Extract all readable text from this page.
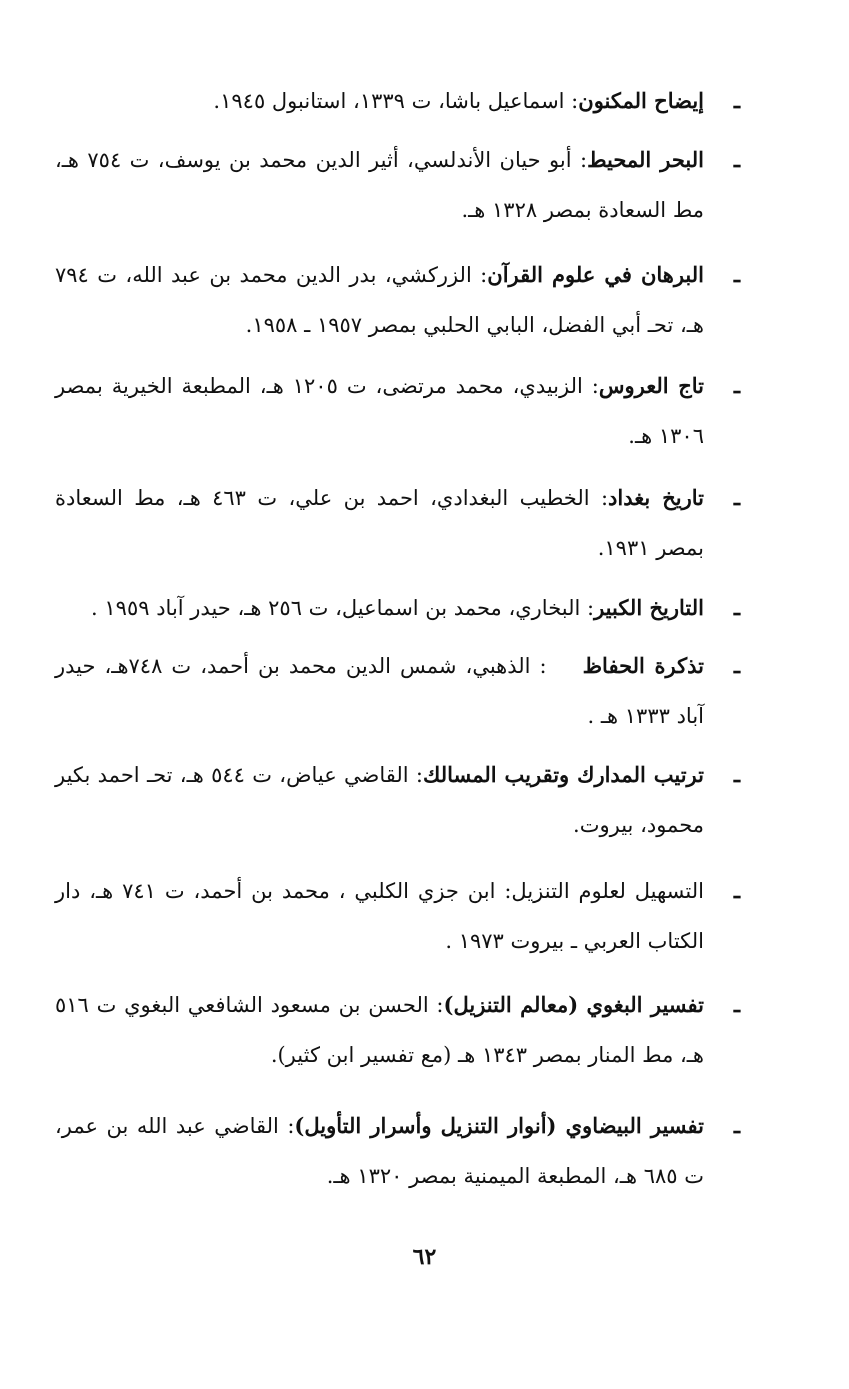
ـ
إيضاح المكنون: اسماعيل باشا، ت ١٣٣٩، استانبول ١٩٤٥.
ـ
البحر المحيط: أبو حيان الأندلسي، أثير الدين محمد بن يوسف، ت ٧٥٤ هـ، مط السعادة بمصر ١٣٢٨ هـ.
ـ
البرهان في علوم القرآن: الزركشي، بدر الدين محمد بن عبد الله، ت ٧٩٤ هـ، تحـ أبي الفضل، البابي الحلبي بمصر ١٩٥٧ ـ ١٩٥٨.
ـ
تاج العروس: الزبيدي، محمد مرتضى، ت ١٢٠٥ هـ، المطبعة الخيرية بمصر ١٣٠٦ هـ.
ـ
تاريخ بغداد: الخطيب البغدادي، احمد بن علي، ت ٤٦٣ هـ، مط السعادة بمصر ١٩٣١.
ـ
التاريخ الكبير: البخاري، محمد بن اسماعيل، ت ٢٥٦ هـ، حيدر آباد ١٩٥٩ .
ـ
تذكرة الحفاظ: الذهبي، شمس الدين محمد بن أحمد، ت ٧٤٨هـ، حيدر آباد ١٣٣٣ هـ .
ـ
ترتيب المدارك وتقريب المسالك: القاضي عياض، ت ٥٤٤ هـ، تحـ احمد بكير محمود، بيروت.
ـ
التسهيل لعلوم التنزيل: ابن جزي الكلبي ، محمد بن أحمد، ت ٧٤١ هـ، دار الكتاب العربي ـ بيروت ١٩٧٣ .
ـ
تفسير البغوي (معالم التنزيل): الحسن بن مسعود الشافعي البغوي ت ٥١٦ هـ، مط المنار بمصر ١٣٤٣ هـ (مع تفسير ابن كثير).
ـ
تفسير البيضاوي (أنوار التنزيل وأسرار التأويل): القاضي عبد الله بن عمر، ت ٦٨٥ هـ، المطبعة الميمنية بمصر ١٣٢٠ هـ.
٦٢
